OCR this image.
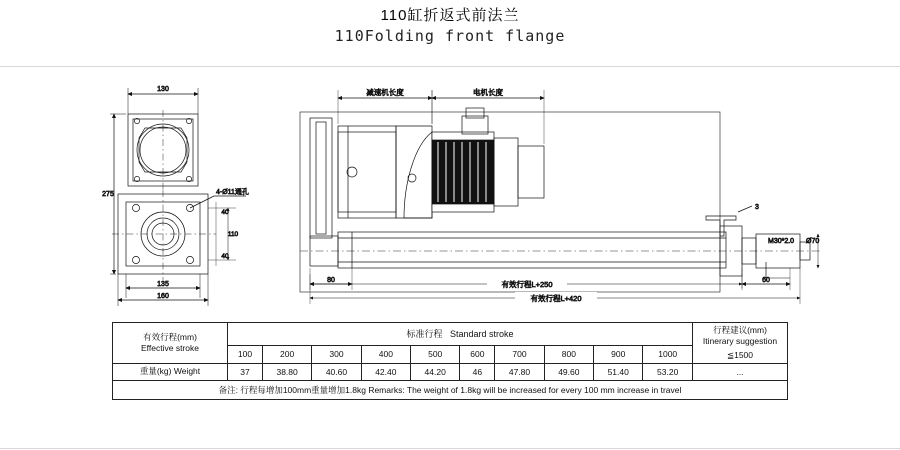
110缸折返式前法兰
110Folding front flange
130
275
135
160
4-Ø11通孔
40
110
40
3
M30*2.0 Ø70
减速机长度	电机长度
80	60
有效行程L+250
有效行程L+420
有效行程(mm)
Effective stroke	标准行程 Standard stroke										行程建议(mm)
Itinerary suggestion
≦1500

	100	200	300	400	500	600	700	800	900	1000	
重量(kg) Weight	37	38.80	40.60	42.40	44.20	46	47.80	49.60	51.40	53.20	...
备注: 行程每增加100mm重量增加1.8kg Remarks: The weight of 1.8kg will be increased for every 100 mm increase in travel											
